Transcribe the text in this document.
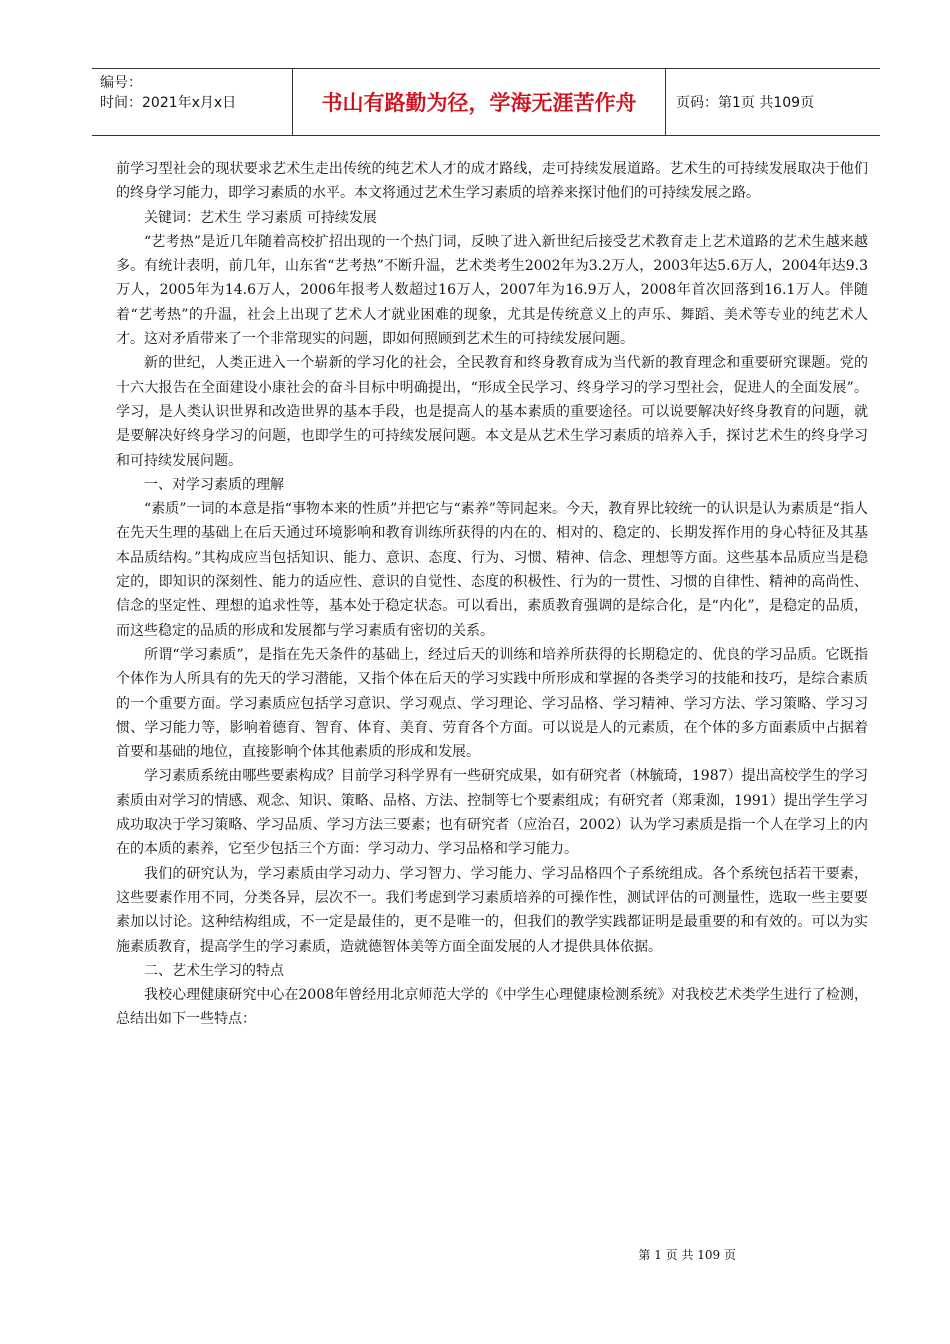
编号：
时间：2021年x月x日	书山有路勤为径，学海无涯苦作舟	页码：第1页 共109页

前学习型社会的现状要求艺术生走出传统的纯艺术人才的成才路线，走可持续发展道路。艺术生的可持续发展取决于他们的终身学习能力，即学习素质的水平。本文将通过艺术生学习素质的培养来探讨他们的可持续发展之路。

关键词：艺术生 学习素质 可持续发展

“艺考热”是近几年随着高校扩招出现的一个热门词，反映了进入新世纪后接受艺术教育走上艺术道路的艺术生越来越多。有统计表明，前几年，山东省“艺考热”不断升温，艺术类考生2002年为3.2万人，2003年达5.6万人，2004年达9.3万人，2005年为14.6万人，2006年报考人数超过16万人，2007年为16.9万人，2008年首次回落到16.1万人。伴随着“艺考热”的升温，社会上出现了艺术人才就业困难的现象，尤其是传统意义上的声乐、舞蹈、美术等专业的纯艺术人才。这对矛盾带来了一个非常现实的问题，即如何照顾到艺术生的可持续发展问题。

新的世纪，人类正进入一个崭新的学习化的社会，全民教育和终身教育成为当代新的教育理念和重要研究课题。党的十六大报告在全面建设小康社会的奋斗目标中明确提出，“形成全民学习、终身学习的学习型社会，促进人的全面发展”。学习，是人类认识世界和改造世界的基本手段，也是提高人的基本素质的重要途径。可以说要解决好终身教育的问题，就是要解决好终身学习的问题，也即学生的可持续发展问题。本文是从艺术生学习素质的培养入手，探讨艺术生的终身学习和可持续发展问题。

一、对学习素质的理解

“素质”一词的本意是指“事物本来的性质”并把它与“素养”等同起来。今天，教育界比较统一的认识是认为素质是“指人在先天生理的基础上在后天通过环境影响和教育训练所获得的内在的、相对的、稳定的、长期发挥作用的身心特征及其基本品质结构。”其构成应当包括知识、能力、意识、态度、行为、习惯、精神、信念、理想等方面。这些基本品质应当是稳定的，即知识的深刻性、能力的适应性、意识的自觉性、态度的积极性、行为的一贯性、习惯的自律性、精神的高尚性、信念的坚定性、理想的追求性等，基本处于稳定状态。可以看出，素质教育强调的是综合化，是“内化”，是稳定的品质，而这些稳定的品质的形成和发展都与学习素质有密切的关系。

所谓“学习素质”，是指在先天条件的基础上，经过后天的训练和培养所获得的长期稳定的、优良的学习品质。它既指个体作为人所具有的先天的学习潜能，又指个体在后天的学习实践中所形成和掌握的各类学习的技能和技巧，是综合素质的一个重要方面。学习素质应包括学习意识、学习观点、学习理论、学习品格、学习精神、学习方法、学习策略、学习习惯、学习能力等，影响着德育、智育、体育、美育、劳育各个方面。可以说是人的元素质，在个体的多方面素质中占据着首要和基础的地位，直接影响个体其他素质的形成和发展。

学习素质系统由哪些要素构成？目前学习科学界有一些研究成果，如有研究者（林毓琦，1987）提出高校学生的学习素质由对学习的情感、观念、知识、策略、品格、方法、控制等七个要素组成；有研究者（郑秉洳，1991）提出学生学习成功取决于学习策略、学习品质、学习方法三要素；也有研究者（应治召，2002）认为学习素质是指一个人在学习上的内在的本质的素养，它至少包括三个方面：学习动力、学习品格和学习能力。

我们的研究认为，学习素质由学习动力、学习智力、学习能力、学习品格四个子系统组成。各个系统包括若干要素，这些要素作用不同，分类各异，层次不一。我们考虑到学习素质培养的可操作性，测试评估的可测量性，选取一些主要要素加以讨论。这种结构组成，不一定是最佳的，更不是唯一的，但我们的教学实践都证明是最重要的和有效的。可以为实施素质教育，提高学生的学习素质，造就德智体美等方面全面发展的人才提供具体依据。

二、艺术生学习的特点

我校心理健康研究中心在2008年曾经用北京师范大学的《中学生心理健康检测系统》对我校艺术类学生进行了检测，总结出如下一些特点：

第 1 页 共 109 页
